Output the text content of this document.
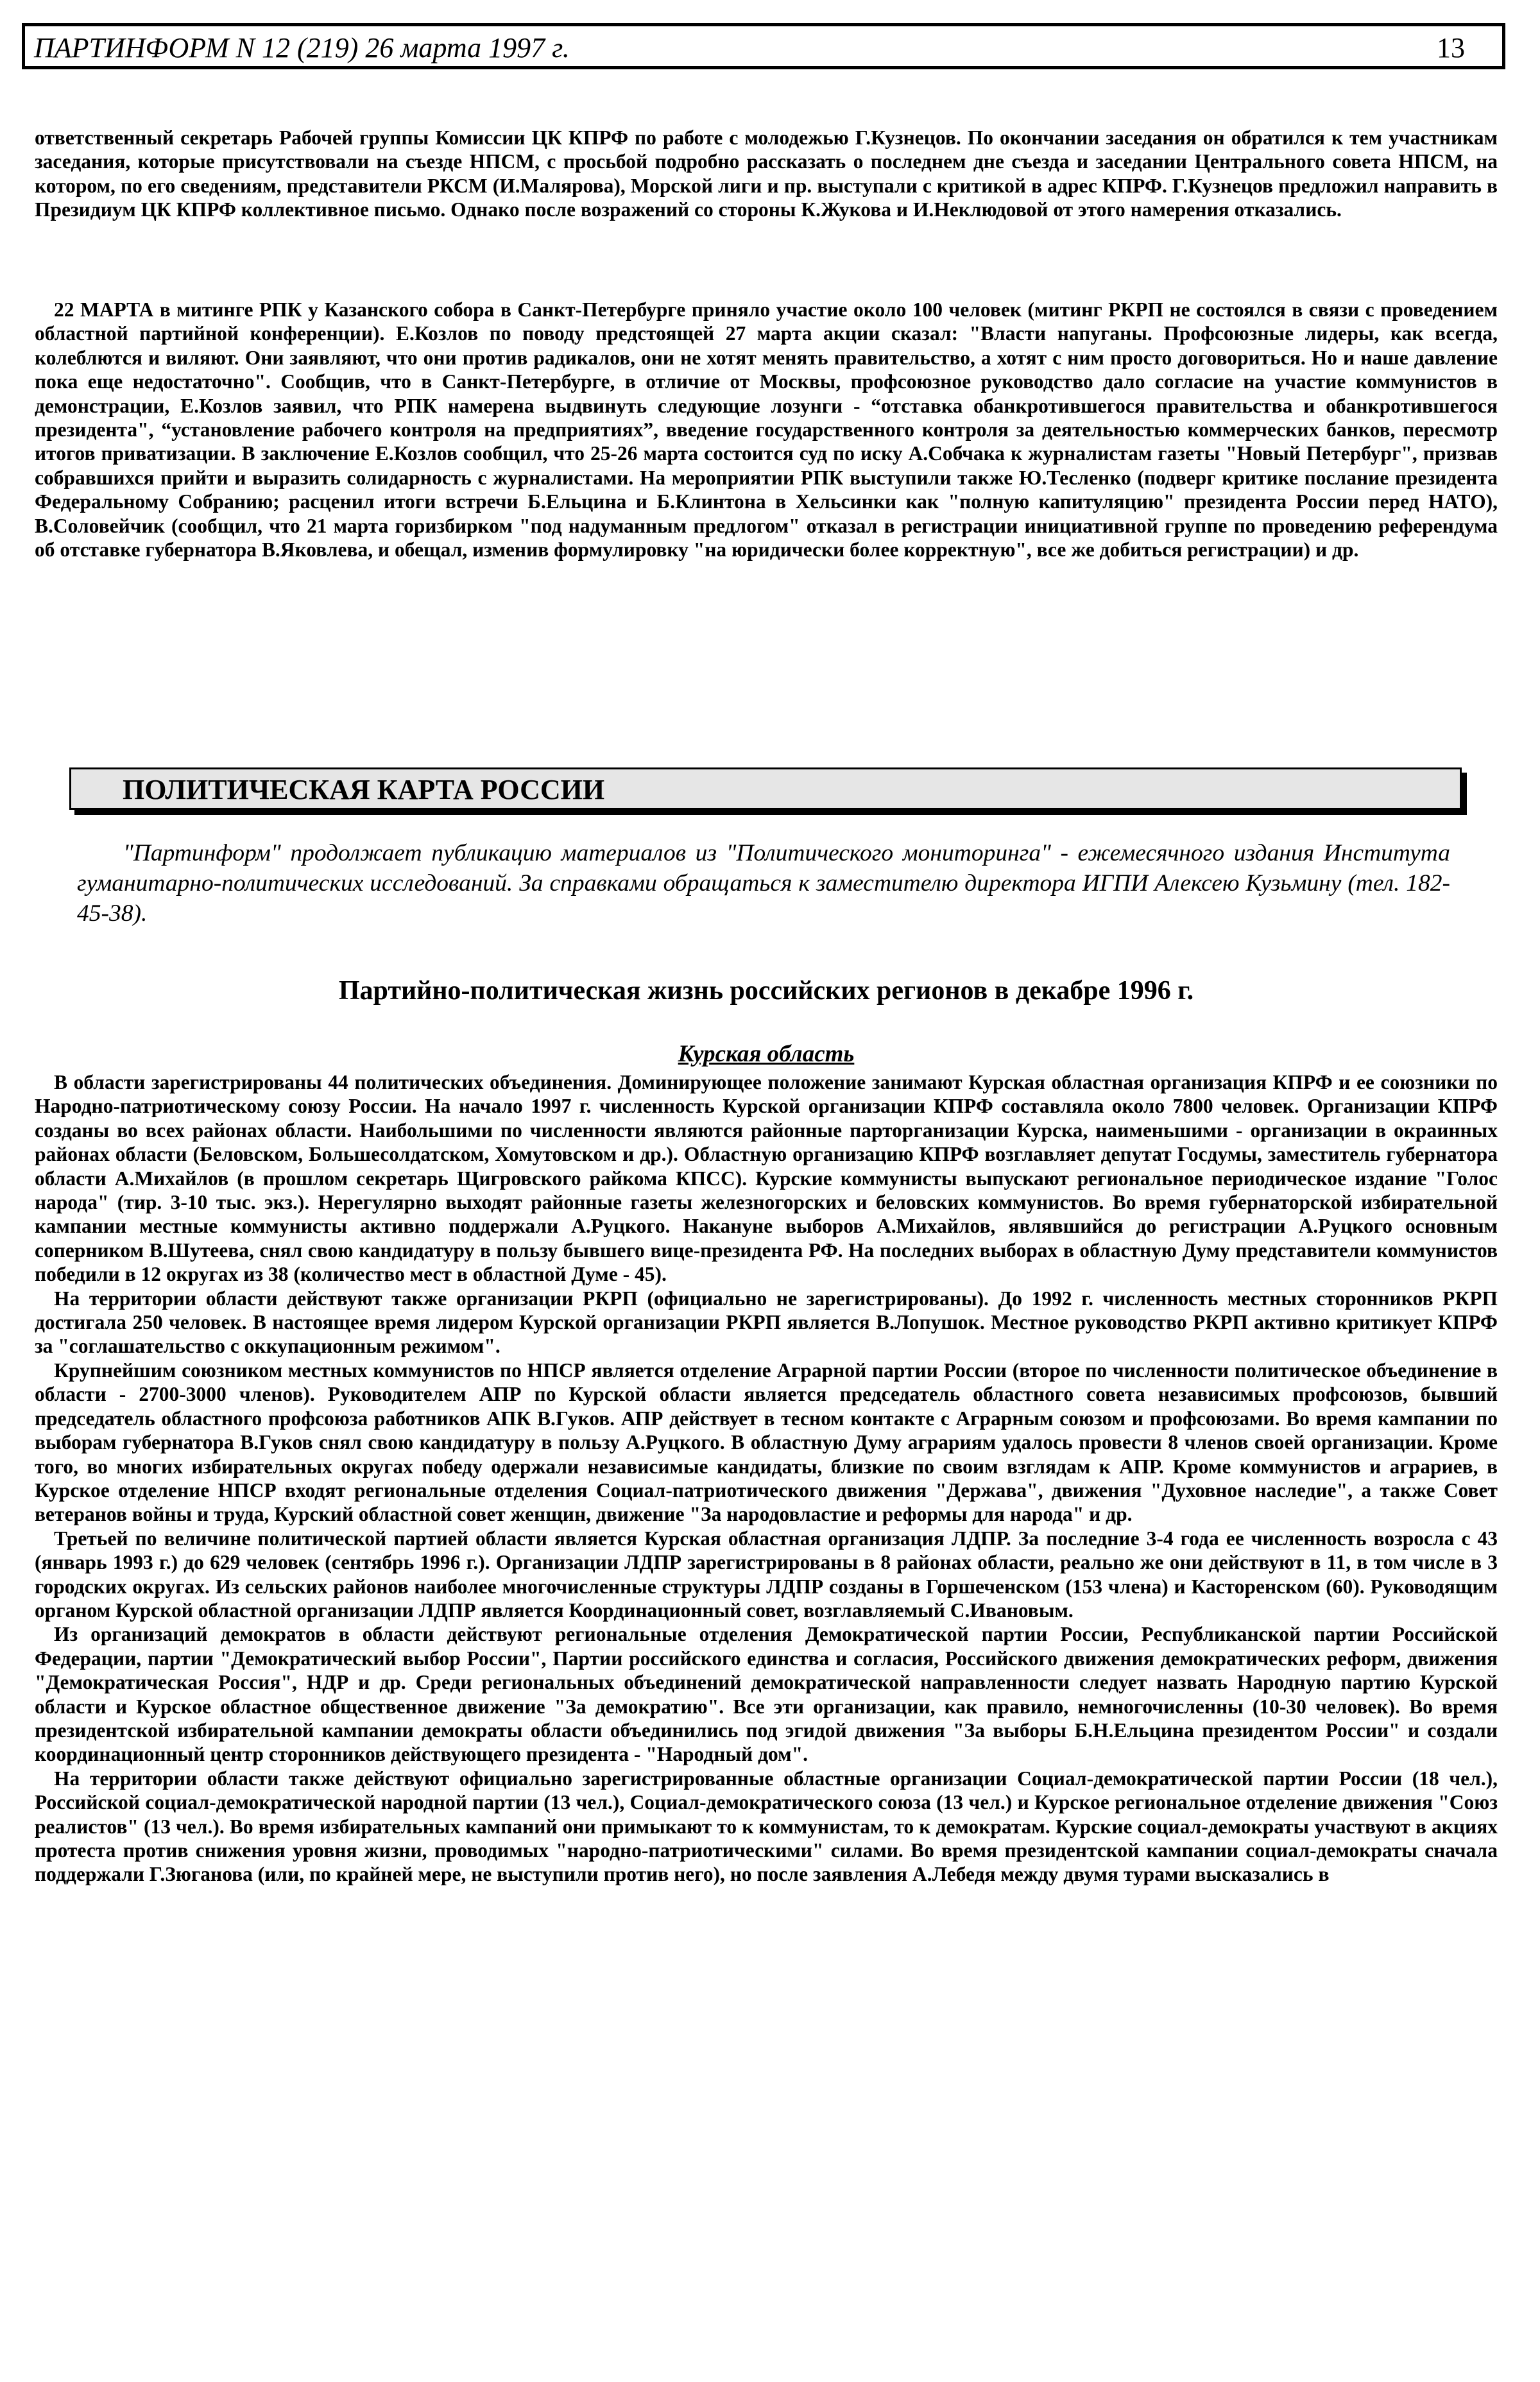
ПАРТИНФОРМ N 12 (219) 26 марта 1997 г.	13

ответственный секретарь Рабочей группы Комиссии ЦК КПРФ по работе с молодежью Г.Кузнецов. По окончании заседания он обратился к тем участникам заседания, которые присутствовали на съезде НПСМ, с просьбой подробно рассказать о последнем дне съезда и заседании Центрального совета НПСМ, на котором, по его сведениям, представители РКСМ (И.Малярова), Морской лиги и пр. выступали с критикой в адрес КПРФ. Г.Кузнецов предложил направить в Президиум ЦК КПРФ коллективное письмо. Однако после возражений со стороны К.Жукова и И.Неклюдовой от этого намерения отказались.

22 МАРТА в митинге РПК у Казанского собора в Санкт-Петербурге приняло участие около 100 человек (митинг РКРП не состоялся в связи с проведением областной партийной конференции). Е.Козлов по поводу предстоящей 27 марта акции сказал: "Власти напуганы. Профсоюзные лидеры, как всегда, колеблются и виляют. Они заявляют, что они против радикалов, они не хотят менять правительство, а хотят с ним просто договориться. Но и наше давление пока еще недостаточно". Сообщив, что в Санкт-Петербурге, в отличие от Москвы, профсоюзное руководство дало согласие на участие коммунистов в демонстрации, Е.Козлов заявил, что РПК намерена выдвинуть следующие лозунги - “отставка обанкротившегося правительства и обанкротившегося президента", “установление рабочего контроля на предприятиях”, введение государственного контроля за деятельностью коммерческих банков, пересмотр итогов приватизации. В заключение Е.Козлов сообщил, что 25-26 марта состоится суд по иску А.Собчака к журналистам газеты "Новый Петербург", призвав собравшихся прийти и выразить солидарность с журналистами. На мероприятии РПК выступили также Ю.Тесленко (подверг критике послание президента Федеральному Собранию; расценил итоги встречи Б.Ельцина и Б.Клинтона в Хельсинки как "полную капитуляцию" президента России перед НАТО), В.Соловейчик (сообщил, что 21 марта горизбирком "под надуманным предлогом" отказал в регистрации инициативной группе по проведению референдума об отставке губернатора В.Яковлева, и обещал, изменив формулировку "на юридически более корректную", все же добиться регистрации) и др.

ПОЛИТИЧЕСКАЯ КАРТА РОССИИ

"Партинформ" продолжает публикацию материалов из "Политического мониторинга" - ежемесячного издания Института гуманитарно-политических исследований. За справками обращаться к заместителю директора ИГПИ Алексею Кузьмину (тел. 182-45-38).

Партийно-политическая жизнь российских регионов в декабре 1996 г.

Курская область

В области зарегистрированы 44 политических объединения. Доминирующее положение занимают Курская областная организация КПРФ и ее союзники по Народно-патриотическому союзу России. На начало 1997 г. численность Курской организации КПРФ составляла около 7800 человек. Организации КПРФ созданы во всех районах области. Наибольшими по численности являются районные парторганизации Курска, наименьшими - организации в окраинных районах области (Беловском, Большесолдатском, Хомутовском и др.). Областную организацию КПРФ возглавляет депутат Госдумы, заместитель губернатора области А.Михайлов (в прошлом секретарь Щигровского райкома КПСС). Курские коммунисты выпускают региональное периодическое издание "Голос народа" (тир. 3-10 тыс. экз.). Нерегулярно выходят районные газеты железногорских и беловских коммунистов. Во время губернаторской избирательной кампании местные коммунисты активно поддержали А.Руцкого. Накануне выборов А.Михайлов, являвшийся до регистрации А.Руцкого основным соперником В.Шутеева, снял свою кандидатуру в пользу бывшего вице-президента РФ. На последних выборах в областную Думу представители коммунистов победили в 12 округах из 38 (количество мест в областной Думе - 45).

На территории области действуют также организации РКРП (официально не зарегистрированы). До 1992 г. численность местных сторонников РКРП достигала 250 человек. В настоящее время лидером Курской организации РКРП является В.Лопушок. Местное руководство РКРП активно критикует КПРФ за "соглашательство с оккупационным режимом".

Крупнейшим союзником местных коммунистов по НПСР является отделение Аграрной партии России (второе по численности политическое объединение в области - 2700-3000 членов). Руководителем АПР по Курской области является председатель областного совета независимых профсоюзов, бывший председатель областного профсоюза работников АПК В.Гуков. АПР действует в тесном контакте с Аграрным союзом и профсоюзами. Во время кампании по выборам губернатора В.Гуков снял свою кандидатуру в пользу А.Руцкого. В областную Думу аграриям удалось провести 8 членов своей организации. Кроме того, во многих избирательных округах победу одержали независимые кандидаты, близкие по своим взглядам к АПР. Кроме коммунистов и аграриев, в Курское отделение НПСР входят региональные отделения Социал-патриотического движения "Держава", движения "Духовное наследие", а также Совет ветеранов войны и труда, Курский областной совет женщин, движение "За народовластие и реформы для народа" и др.

Третьей по величине политической партией области является Курская областная организация ЛДПР. За последние 3-4 года ее численность возросла с 43 (январь 1993 г.) до 629 человек (сентябрь 1996 г.). Организации ЛДПР зарегистрированы в 8 районах области, реально же они действуют в 11, в том числе в 3 городских округах. Из сельских районов наиболее многочисленные структуры ЛДПР созданы в Горшеченском (153 члена) и Касторенском (60). Руководящим органом Курской областной организации ЛДПР является Координационный совет, возглавляемый С.Ивановым.

Из организаций демократов в области действуют региональные отделения Демократической партии России, Республиканской партии Российской Федерации, партии "Демократический выбор России", Партии российского единства и согласия, Российского движения демократических реформ, движения "Демократическая Россия", НДР и др. Среди региональных объединений демократической направленности следует назвать Народную партию Курской области и Курское областное общественное движение "За демократию". Все эти организации, как правило, немногочисленны (10-30 человек). Во время президентской избирательной кампании демократы области объединились под эгидой движения "За выборы Б.Н.Ельцина президентом России" и создали координационный центр сторонников действующего президента - "Народный дом".

На территории области также действуют официально зарегистрированные областные организации Социал-демократической партии России (18 чел.), Российской социал-демократической народной партии (13 чел.), Социал-демократического союза (13 чел.) и Курское региональное отделение движения "Союз реалистов" (13 чел.). Во время избирательных кампаний они примыкают то к коммунистам, то к демократам. Курские социал-демократы участвуют в акциях протеста против снижения уровня жизни, проводимых "народно-патриотическими" силами. Во время президентской кампании социал-демократы сначала поддержали Г.Зюганова (или, по крайней мере, не выступили против него), но после заявления А.Лебедя между двумя турами высказались в
